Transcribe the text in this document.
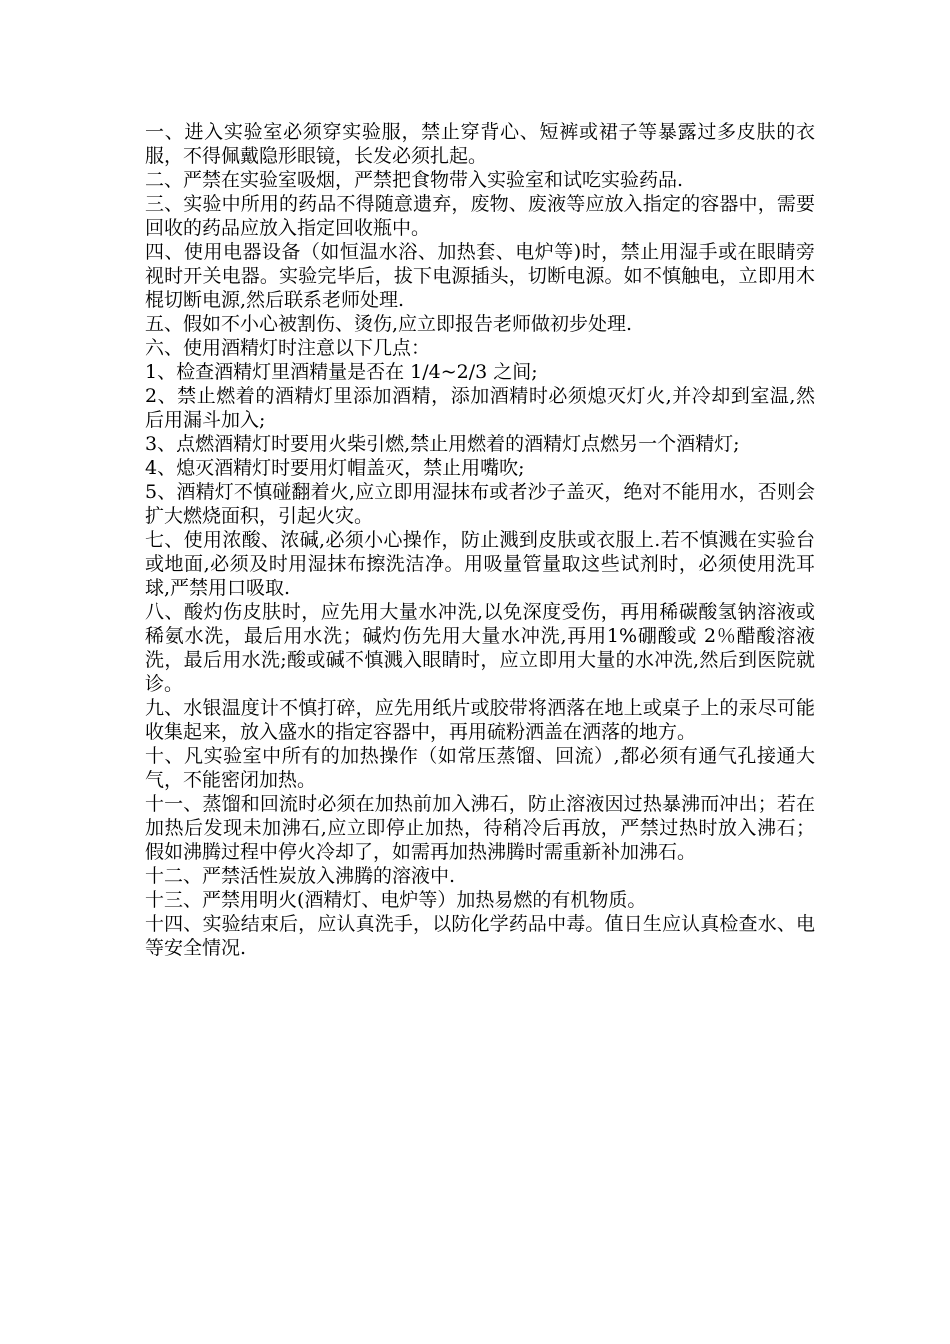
一、进入实验室必须穿实验服，禁止穿背心、短裤或裙子等暴露过多皮肤的衣服，不得佩戴隐形眼镜，长发必须扎起。

二、严禁在实验室吸烟，严禁把食物带入实验室和试吃实验药品.

三、实验中所用的药品不得随意遗弃，废物、废液等应放入指定的容器中，需要回收的药品应放入指定回收瓶中。

四、使用电器设备（如恒温水浴、加热套、电炉等)时，禁止用湿手或在眼睛旁视时开关电器。实验完毕后，拔下电源插头，切断电源。如不慎触电，立即用木棍切断电源,然后联系老师处理.

五、假如不小心被割伤、烫伤,应立即报告老师做初步处理.

六、使用酒精灯时注意以下几点：

1、检查酒精灯里酒精量是否在 1/4~2/3 之间;

2、禁止燃着的酒精灯里添加酒精，添加酒精时必须熄灭灯火,并冷却到室温,然后用漏斗加入;

3、点燃酒精灯时要用火柴引燃,禁止用燃着的酒精灯点燃另一个酒精灯;

4、熄灭酒精灯时要用灯帽盖灭，禁止用嘴吹;

5、酒精灯不慎碰翻着火,应立即用湿抹布或者沙子盖灭，绝对不能用水，否则会扩大燃烧面积，引起火灾。

七、使用浓酸、浓碱,必须小心操作，防止溅到皮肤或衣服上.若不慎溅在实验台或地面,必须及时用湿抹布擦洗洁净。用吸量管量取这些试剂时，必须使用洗耳球,严禁用口吸取.

八、酸灼伤皮肤时，应先用大量水冲洗,以免深度受伤，再用稀碳酸氢钠溶液或稀氨水洗，最后用水洗；碱灼伤先用大量水冲洗,再用1%硼酸或 2％醋酸溶液洗，最后用水洗;酸或碱不慎溅入眼睛时，应立即用大量的水冲洗,然后到医院就诊。

九、水银温度计不慎打碎，应先用纸片或胶带将洒落在地上或桌子上的汞尽可能收集起来，放入盛水的指定容器中，再用硫粉洒盖在洒落的地方。

十、凡实验室中所有的加热操作（如常压蒸馏、回流）,都必须有通气孔接通大气，不能密闭加热。

十一、蒸馏和回流时必须在加热前加入沸石，防止溶液因过热暴沸而冲出；若在加热后发现未加沸石,应立即停止加热，待稍冷后再放，严禁过热时放入沸石；假如沸腾过程中停火冷却了，如需再加热沸腾时需重新补加沸石。

十二、严禁活性炭放入沸腾的溶液中.

十三、严禁用明火(酒精灯、电炉等）加热易燃的有机物质。

十四、实验结束后，应认真洗手，以防化学药品中毒。值日生应认真检查水、电等安全情况.
